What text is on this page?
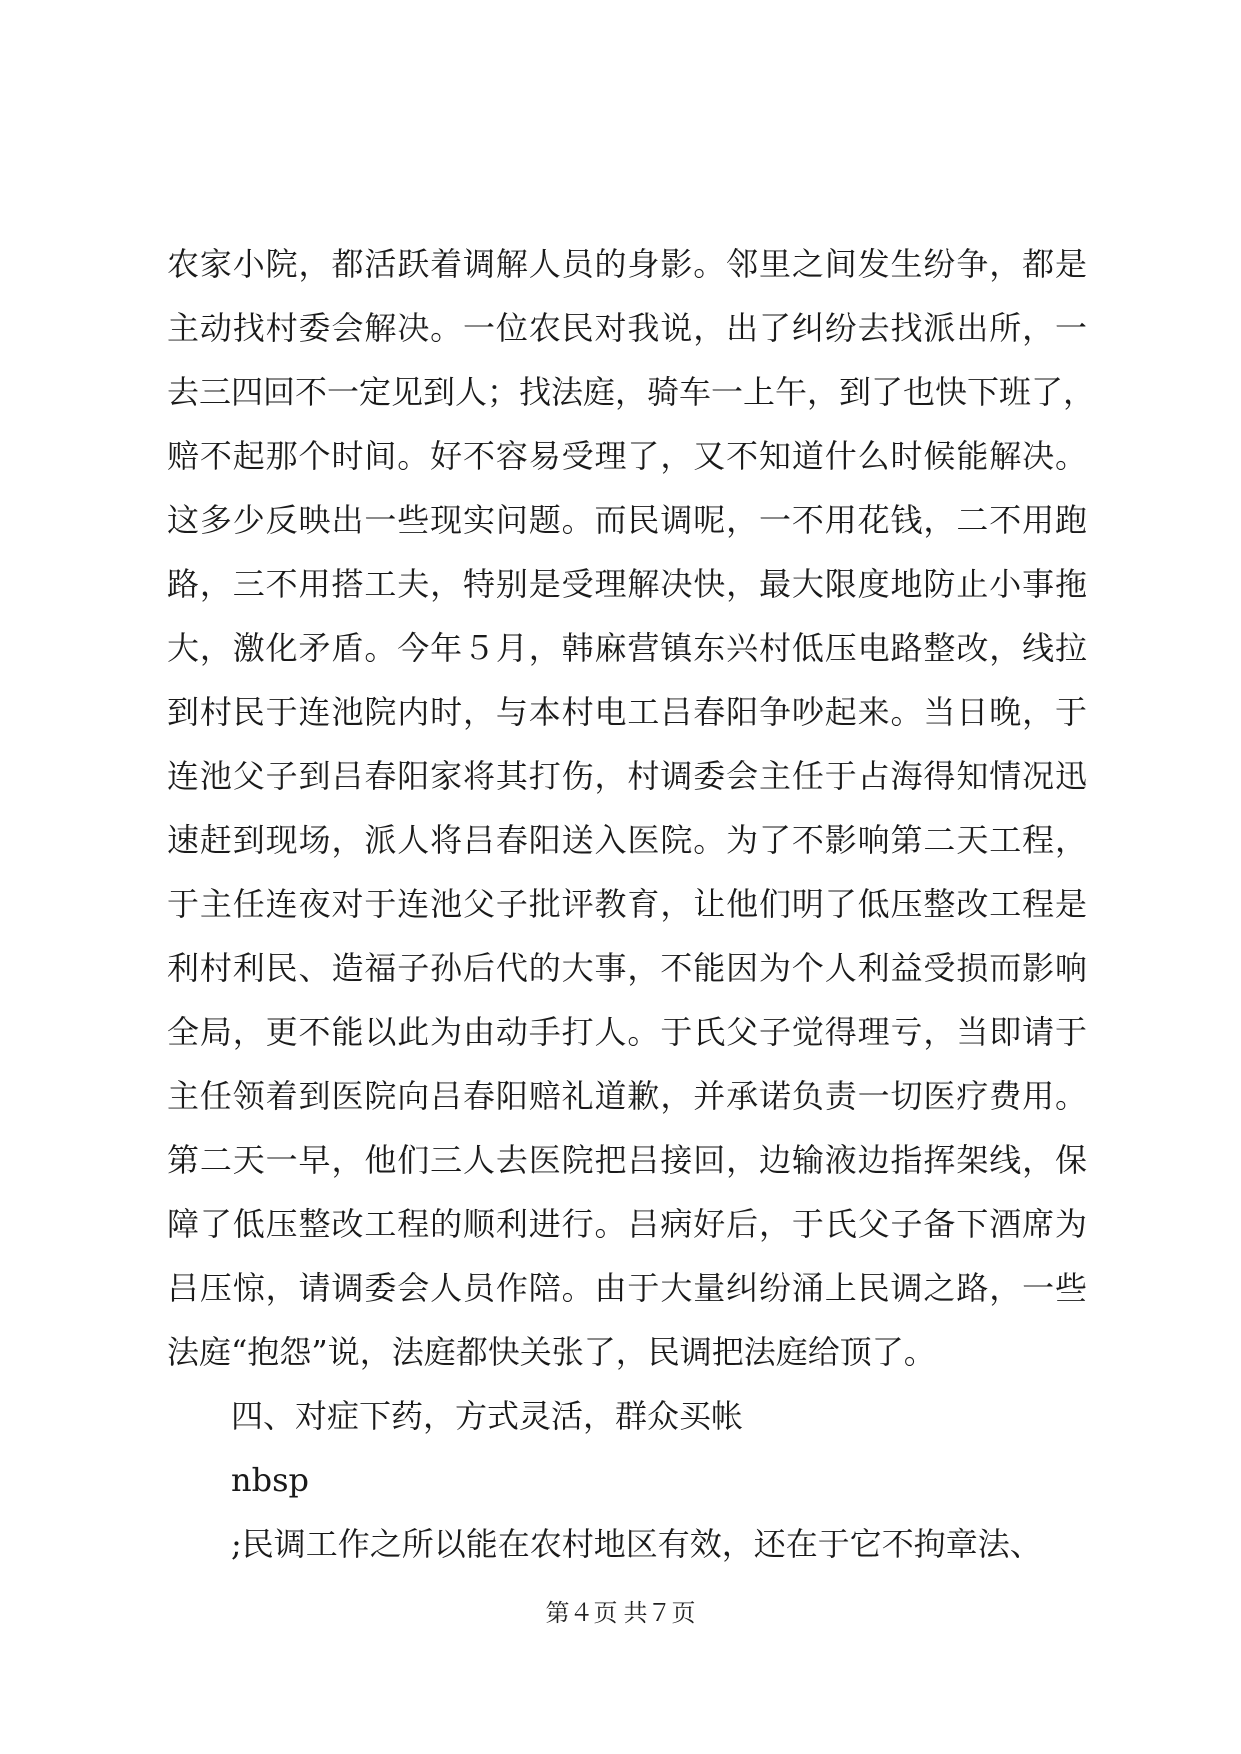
农家小院，都活跃着调解人员的身影。邻里之间发生纷争，都是
主动找村委会解决。一位农民对我说，出了纠纷去找派出所，一
去三四回不一定见到人；找法庭，骑车一上午，到了也快下班了，
赔不起那个时间。好不容易受理了，又不知道什么时候能解决。
这多少反映出一些现实问题。而民调呢，一不用花钱，二不用跑
路，三不用搭工夫，特别是受理解决快，最大限度地防止小事拖
大，激化矛盾。今年５月，韩麻营镇东兴村低压电路整改，线拉
到村民于连池院内时，与本村电工吕春阳争吵起来。当日晚，于
连池父子到吕春阳家将其打伤，村调委会主任于占海得知情况迅
速赶到现场，派人将吕春阳送入医院。为了不影响第二天工程，
于主任连夜对于连池父子批评教育，让他们明了低压整改工程是
利村利民、造福子孙后代的大事，不能因为个人利益受损而影响
全局，更不能以此为由动手打人。于氏父子觉得理亏，当即请于
主任领着到医院向吕春阳赔礼道歉，并承诺负责一切医疗费用。
第二天一早，他们三人去医院把吕接回，边输液边指挥架线，保
障了低压整改工程的顺利进行。吕病好后，于氏父子备下酒席为
吕压惊，请调委会人员作陪。由于大量纠纷涌上民调之路，一些
法庭“抱怨”说，法庭都快关张了，民调把法庭给顶了。
四、对症下药，方式灵活，群众买帐
nbsp
;民调工作之所以能在农村地区有效，还在于它不拘章法、
第４页 共７页
